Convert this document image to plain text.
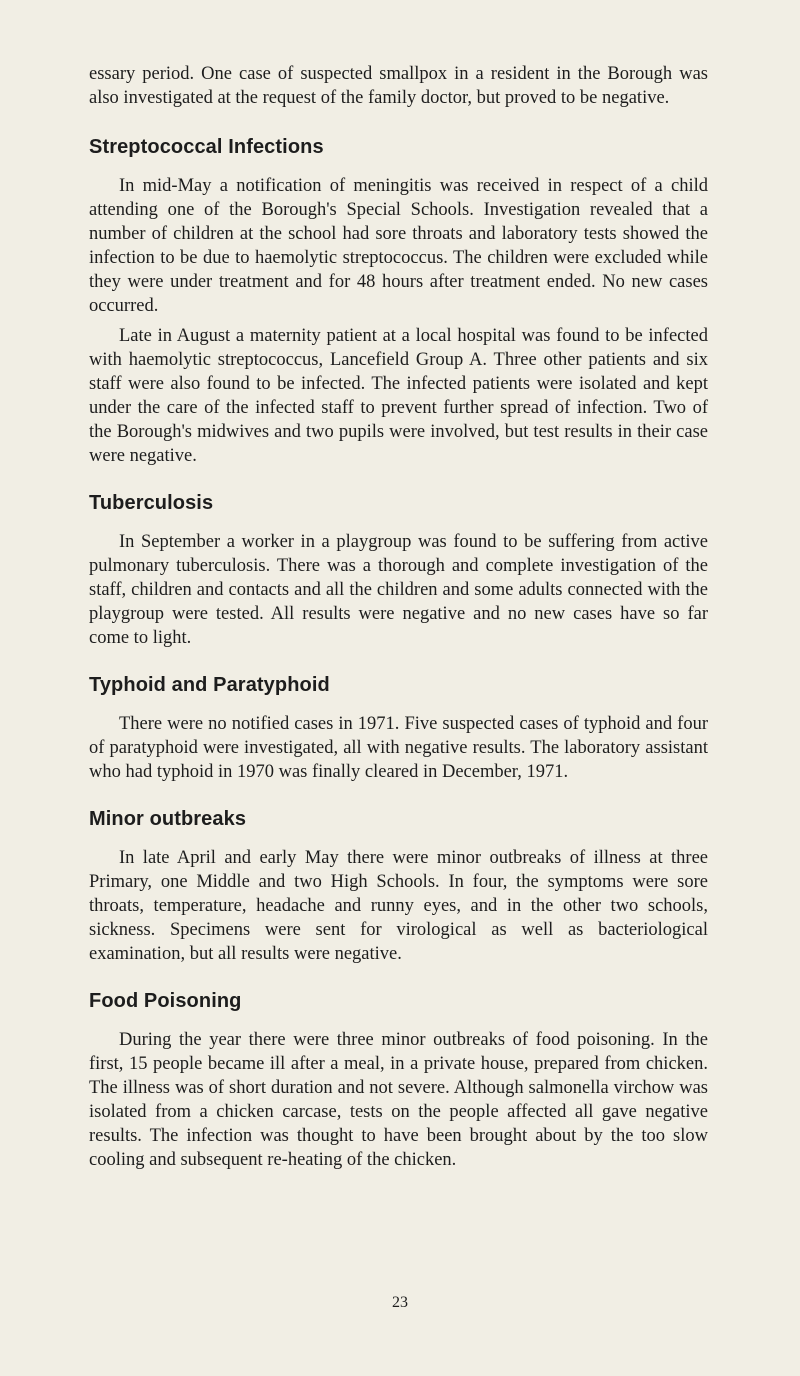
essary period. One case of suspected smallpox in a resident in the Borough was also investigated at the request of the family doctor, but proved to be negative.

Streptococcal Infections

In mid-May a notification of meningitis was received in respect of a child attending one of the Borough's Special Schools. Investigation revealed that a number of children at the school had sore throats and laboratory tests showed the infection to be due to haemolytic streptococcus. The children were excluded while they were under treatment and for 48 hours after treatment ended. No new cases occurred.

Late in August a maternity patient at a local hospital was found to be infected with haemolytic streptococcus, Lancefield Group A. Three other patients and six staff were also found to be infected. The infected patients were isolated and kept under the care of the infected staff to prevent further spread of infection. Two of the Borough's midwives and two pupils were involved, but test results in their case were negative.

Tuberculosis

In September a worker in a playgroup was found to be suffering from active pulmonary tuberculosis. There was a thorough and complete investigation of the staff, children and contacts and all the children and some adults connected with the playgroup were tested. All results were negative and no new cases have so far come to light.

Typhoid and Paratyphoid

There were no notified cases in 1971. Five suspected cases of typhoid and four of paratyphoid were investigated, all with negative results. The laboratory assistant who had typhoid in 1970 was finally cleared in December, 1971.

Minor outbreaks

In late April and early May there were minor outbreaks of illness at three Primary, one Middle and two High Schools. In four, the symptoms were sore throats, temperature, headache and runny eyes, and in the other two schools, sickness. Specimens were sent for virological as well as bacteriological examination, but all results were negative.

Food Poisoning

During the year there were three minor outbreaks of food poisoning. In the first, 15 people became ill after a meal, in a private house, prepared from chicken. The illness was of short duration and not severe. Although salmonella virchow was isolated from a chicken carcase, tests on the people affected all gave negative results. The infection was thought to have been brought about by the too slow cooling and subsequent re-heating of the chicken.

23
